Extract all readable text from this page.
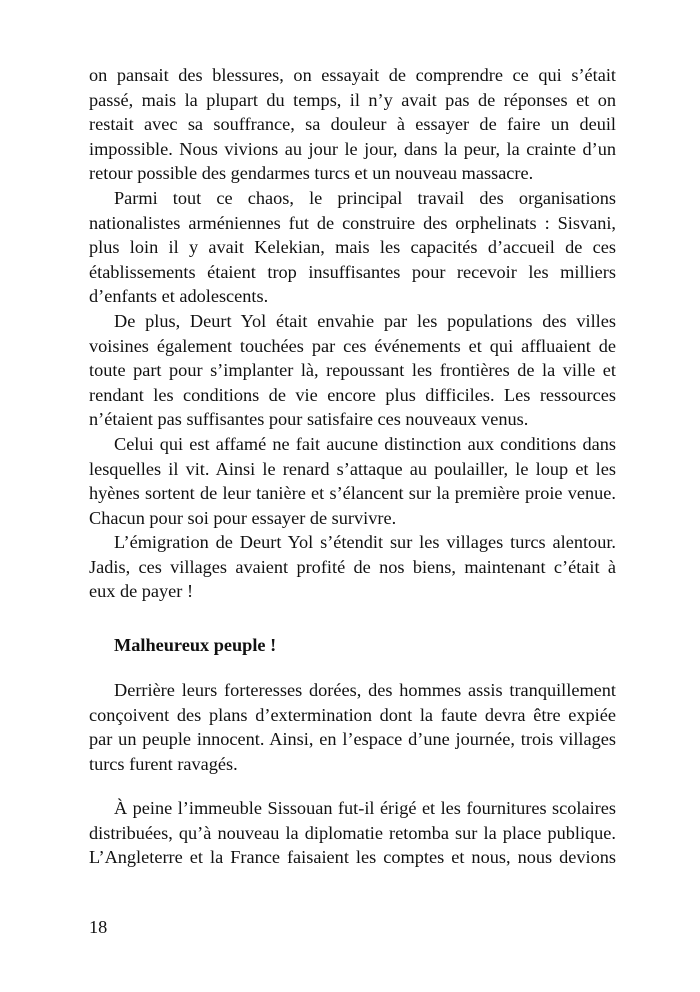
on pansait des blessures, on essayait de comprendre ce qui s’était
passé, mais la plupart du temps, il n’y avait pas de réponses et on
restait avec sa souffrance, sa douleur à essayer de faire un deuil
impossible. Nous vivions au jour le jour, dans la peur, la crainte d’un
retour possible des gendarmes turcs et un nouveau massacre.
Parmi tout ce chaos, le principal travail des organisations
nationalistes arméniennes fut de construire des orphelinats : Sisvani,
plus loin il y avait Kelekian, mais les capacités d’accueil de ces
établissements étaient trop insuffisantes pour recevoir les milliers
d’enfants et adolescents.
De plus, Deurt Yol était envahie par les populations des villes
voisines également touchées par ces événements et qui affluaient de
toute part pour s’implanter là, repoussant les frontières de la ville et
rendant les conditions de vie encore plus difficiles. Les ressources
n’étaient pas suffisantes pour satisfaire ces nouveaux venus.
Celui qui est affamé ne fait aucune distinction aux conditions dans
lesquelles il vit. Ainsi le renard s’attaque au poulailler, le loup et les
hyènes sortent de leur tanière et s’élancent sur la première proie venue.
Chacun pour soi pour essayer de survivre.
L’émigration de Deurt Yol s’étendit sur les villages turcs alentour.
Jadis, ces villages avaient profité de nos biens, maintenant c’était à
eux de payer !
Malheureux peuple !
Derrière leurs forteresses dorées, des hommes assis tranquillement
conçoivent des plans d’extermination dont la faute devra être expiée
par un peuple innocent. Ainsi, en l’espace d’une journée, trois villages
turcs furent ravagés.
À peine l’immeuble Sissouan fut-il érigé et les fournitures scolaires
distribuées, qu’à nouveau la diplomatie retomba sur la place publique.
L’Angleterre et la France faisaient les comptes et nous, nous devions
18
